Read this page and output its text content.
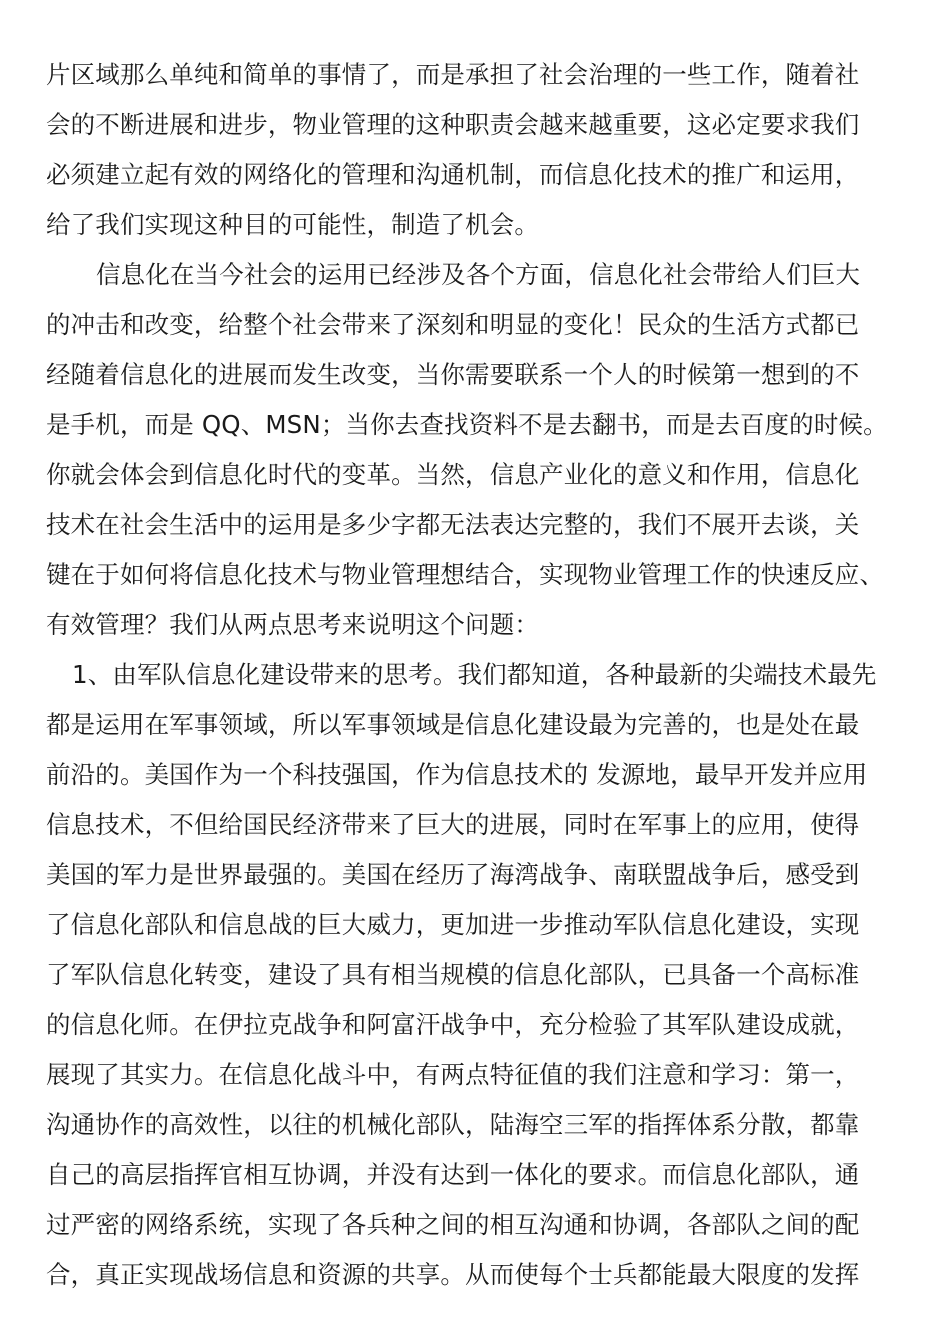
片区域那么单纯和简单的事情了，而是承担了社会治理的一些工作，随着社
会的不断进展和进步，物业管理的这种职责会越来越重要，这必定要求我们
必须建立起有效的网络化的管理和沟通机制，而信息化技术的推广和运用，
给了我们实现这种目的可能性，制造了机会。
信息化在当今社会的运用已经涉及各个方面，信息化社会带给人们巨大
的冲击和改变，给整个社会带来了深刻和明显的变化！民众的生活方式都已
经随着信息化的进展而发生改变，当你需要联系一个人的时候第一想到的不
是手机，而是 QQ、MSN；当你去查找资料不是去翻书，而是去百度的时候。
你就会体会到信息化时代的变革。当然，信息产业化的意义和作用，信息化
技术在社会生活中的运用是多少字都无法表达完整的，我们不展开去谈，关
键在于如何将信息化技术与物业管理想结合，实现物业管理工作的快速反应、
有效管理？我们从两点思考来说明这个问题：
1、由军队信息化建设带来的思考。我们都知道，各种最新的尖端技术最先
都是运用在军事领域，所以军事领域是信息化建设最为完善的，也是处在最
前沿的。美国作为一个科技强国，作为信息技术的 发源地，最早开发并应用
信息技术，不但给国民经济带来了巨大的进展，同时在军事上的应用，使得
美国的军力是世界最强的。美国在经历了海湾战争、南联盟战争后，感受到
了信息化部队和信息战的巨大威力，更加进一步推动军队信息化建设，实现
了军队信息化转变，建设了具有相当规模的信息化部队，已具备一个高标准
的信息化师。在伊拉克战争和阿富汗战争中，充分检验了其军队建设成就，
展现了其实力。在信息化战斗中，有两点特征值的我们注意和学习：第一，
沟通协作的高效性，以往的机械化部队，陆海空三军的指挥体系分散，都靠
自己的高层指挥官相互协调，并没有达到一体化的要求。而信息化部队，通
过严密的网络系统，实现了各兵种之间的相互沟通和协调，各部队之间的配
合，真正实现战场信息和资源的共享。从而使每个士兵都能最大限度的发挥
